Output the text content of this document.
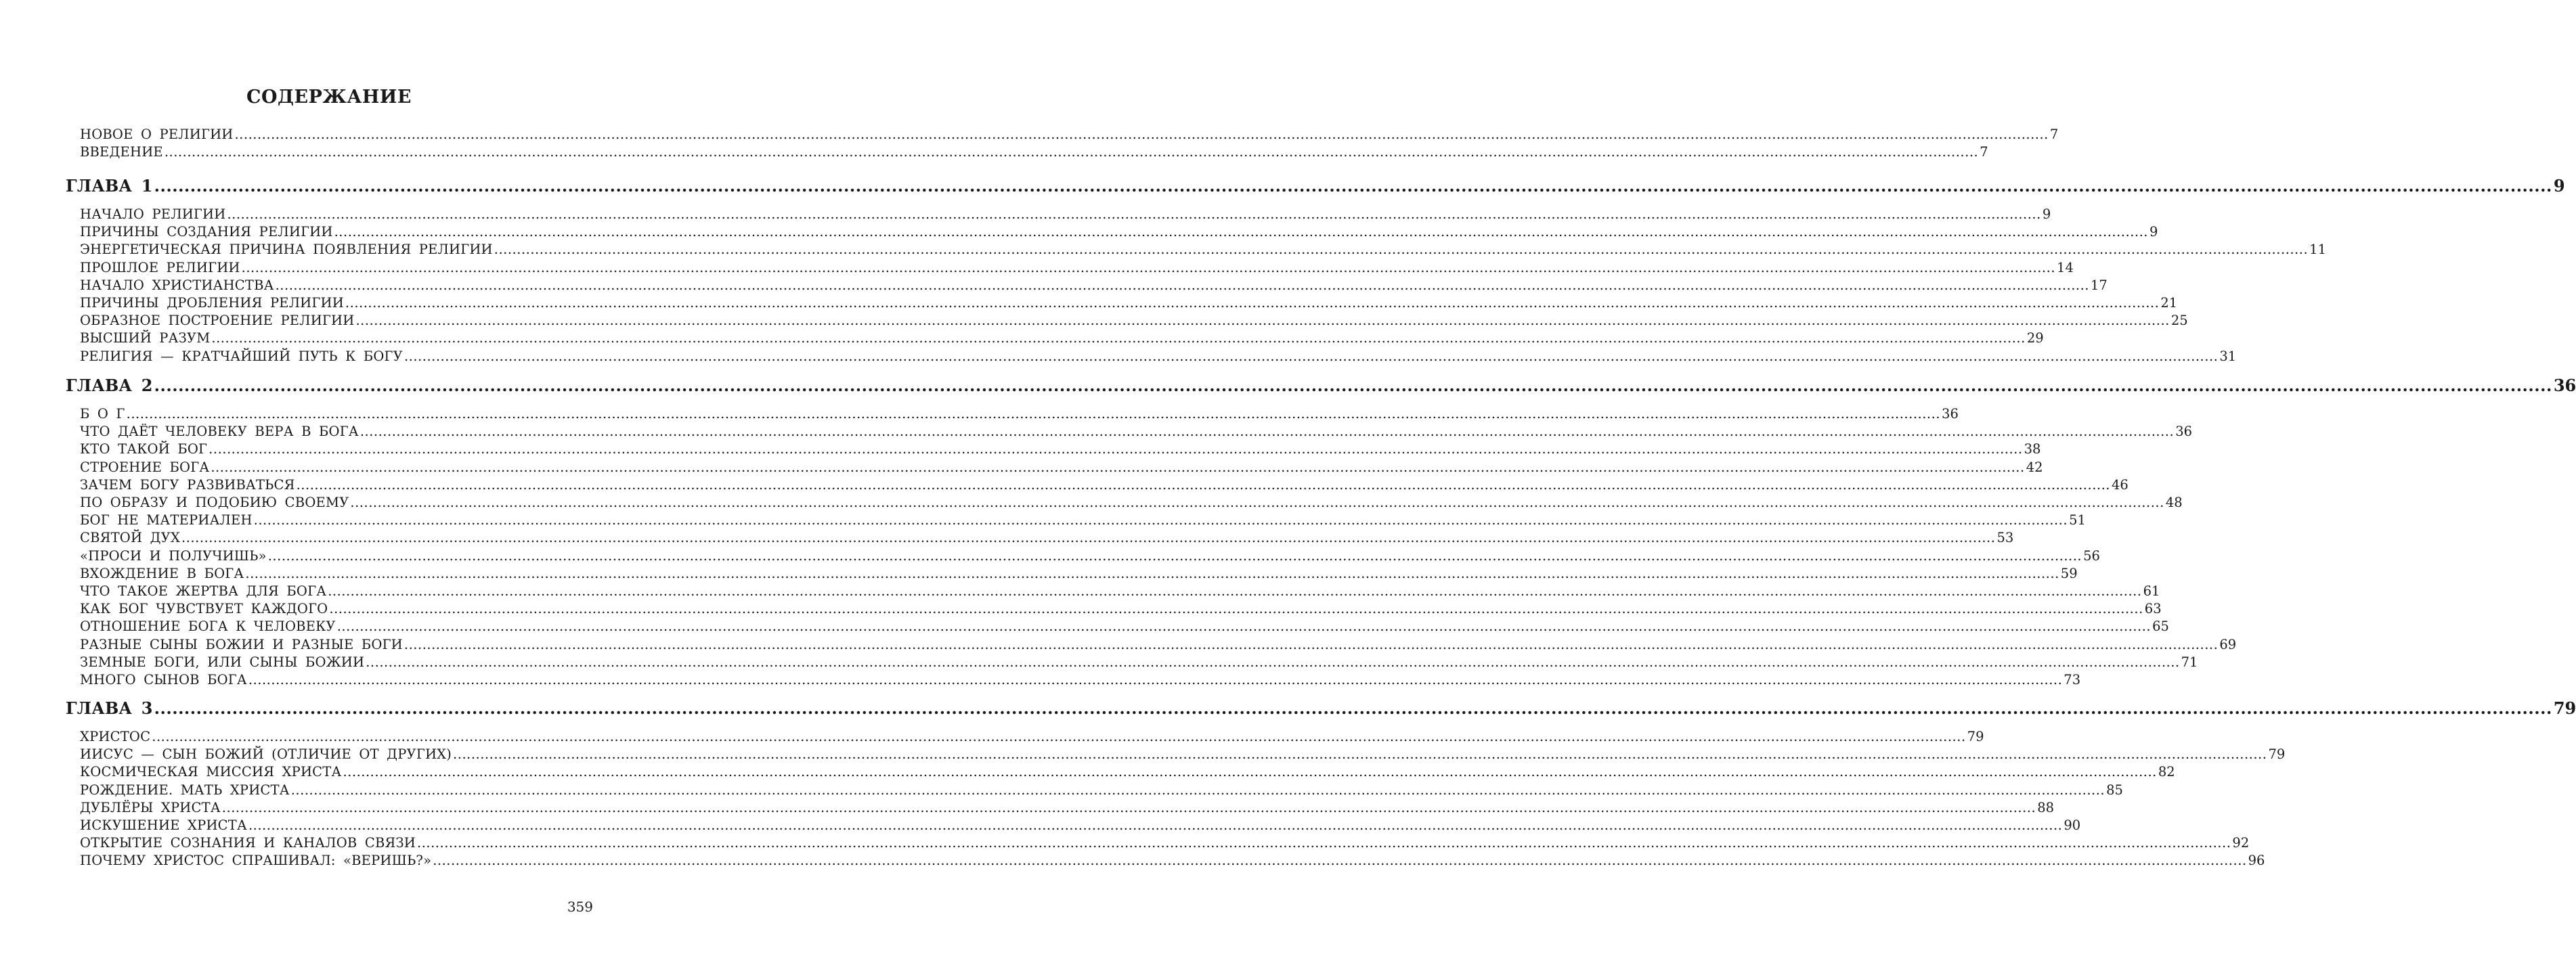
СОДЕРЖАНИЕ
НОВОЕ О РЕЛИГИИ ................................................................................................................................................................................................................................................................................................................................................................................................................ 7
ВВЕДЕНИЕ ................................................................................................................................................................................................................................................................................................................................................................................................................ 7
ГЛАВА 1 ................................................................................................................................................................................................................................................................................................................................................................................................................ 9
НАЧАЛО РЕЛИГИИ ................................................................................................................................................................................................................................................................................................................................................................................................................ 9
ПРИЧИНЫ СОЗДАНИЯ РЕЛИГИИ ................................................................................................................................................................................................................................................................................................................................................................................................................ 9
ЭНЕРГЕТИЧЕСКАЯ ПРИЧИНА ПОЯВЛЕНИЯ РЕЛИГИИ ................................................................................................................................................................................................................................................................................................................................................................................................................ 11
ПРОШЛОЕ РЕЛИГИИ ................................................................................................................................................................................................................................................................................................................................................................................................................ 14
НАЧАЛО ХРИСТИАНСТВА ................................................................................................................................................................................................................................................................................................................................................................................................................ 17
ПРИЧИНЫ ДРОБЛЕНИЯ РЕЛИГИИ ................................................................................................................................................................................................................................................................................................................................................................................................................ 21
ОБРАЗНОЕ ПОСТРОЕНИЕ РЕЛИГИИ ................................................................................................................................................................................................................................................................................................................................................................................................................ 25
ВЫСШИЙ РАЗУМ ................................................................................................................................................................................................................................................................................................................................................................................................................ 29
РЕЛИГИЯ — КРАТЧАЙШИЙ ПУТЬ К БОГУ ................................................................................................................................................................................................................................................................................................................................................................................................................ 31
ГЛАВА 2 ................................................................................................................................................................................................................................................................................................................................................................................................................ 36
Б О Г ................................................................................................................................................................................................................................................................................................................................................................................................................ 36
ЧТО ДАЁТ ЧЕЛОВЕКУ ВЕРА В БОГА ................................................................................................................................................................................................................................................................................................................................................................................................................ 36
КТО ТАКОЙ БОГ ................................................................................................................................................................................................................................................................................................................................................................................................................ 38
СТРОЕНИЕ БОГА ................................................................................................................................................................................................................................................................................................................................................................................................................ 42
ЗАЧЕМ БОГУ РАЗВИВАТЬСЯ ................................................................................................................................................................................................................................................................................................................................................................................................................ 46
ПО ОБРАЗУ И ПОДОБИЮ СВОЕМУ ................................................................................................................................................................................................................................................................................................................................................................................................................ 48
БОГ НЕ МАТЕРИАЛЕН ................................................................................................................................................................................................................................................................................................................................................................................................................ 51
СВЯТОЙ ДУХ ................................................................................................................................................................................................................................................................................................................................................................................................................ 53
«ПРОСИ И ПОЛУЧИШЬ» ................................................................................................................................................................................................................................................................................................................................................................................................................ 56
ВХОЖДЕНИЕ В БОГА ................................................................................................................................................................................................................................................................................................................................................................................................................ 59
ЧТО ТАКОЕ ЖЕРТВА ДЛЯ БОГА ................................................................................................................................................................................................................................................................................................................................................................................................................ 61
КАК БОГ ЧУВСТВУЕТ КАЖДОГО ................................................................................................................................................................................................................................................................................................................................................................................................................ 63
ОТНОШЕНИЕ БОГА К ЧЕЛОВЕКУ ................................................................................................................................................................................................................................................................................................................................................................................................................ 65
РАЗНЫЕ СЫНЫ БОЖИИ И РАЗНЫЕ БОГИ ................................................................................................................................................................................................................................................................................................................................................................................................................ 69
ЗЕМНЫЕ БОГИ, ИЛИ СЫНЫ БОЖИИ ................................................................................................................................................................................................................................................................................................................................................................................................................ 71
МНОГО СЫНОВ БОГА ................................................................................................................................................................................................................................................................................................................................................................................................................ 73
ГЛАВА 3 ................................................................................................................................................................................................................................................................................................................................................................................................................ 79
ХРИСТОС ................................................................................................................................................................................................................................................................................................................................................................................................................ 79
ИИСУС — СЫН БОЖИЙ (ОТЛИЧИЕ ОТ ДРУГИХ) ................................................................................................................................................................................................................................................................................................................................................................................................................ 79
КОСМИЧЕСКАЯ МИССИЯ ХРИСТА ................................................................................................................................................................................................................................................................................................................................................................................................................ 82
РОЖДЕНИЕ. МАТЬ ХРИСТА ................................................................................................................................................................................................................................................................................................................................................................................................................ 85
ДУБЛЁРЫ ХРИСТА ................................................................................................................................................................................................................................................................................................................................................................................................................ 88
ИСКУШЕНИЕ ХРИСТА ................................................................................................................................................................................................................................................................................................................................................................................................................ 90
ОТКРЫТИЕ СОЗНАНИЯ И КАНАЛОВ СВЯЗИ ................................................................................................................................................................................................................................................................................................................................................................................................................ 92
ПОЧЕМУ ХРИСТОС СПРАШИВАЛ: «ВЕРИШЬ?» ................................................................................................................................................................................................................................................................................................................................................................................................................ 96
359
